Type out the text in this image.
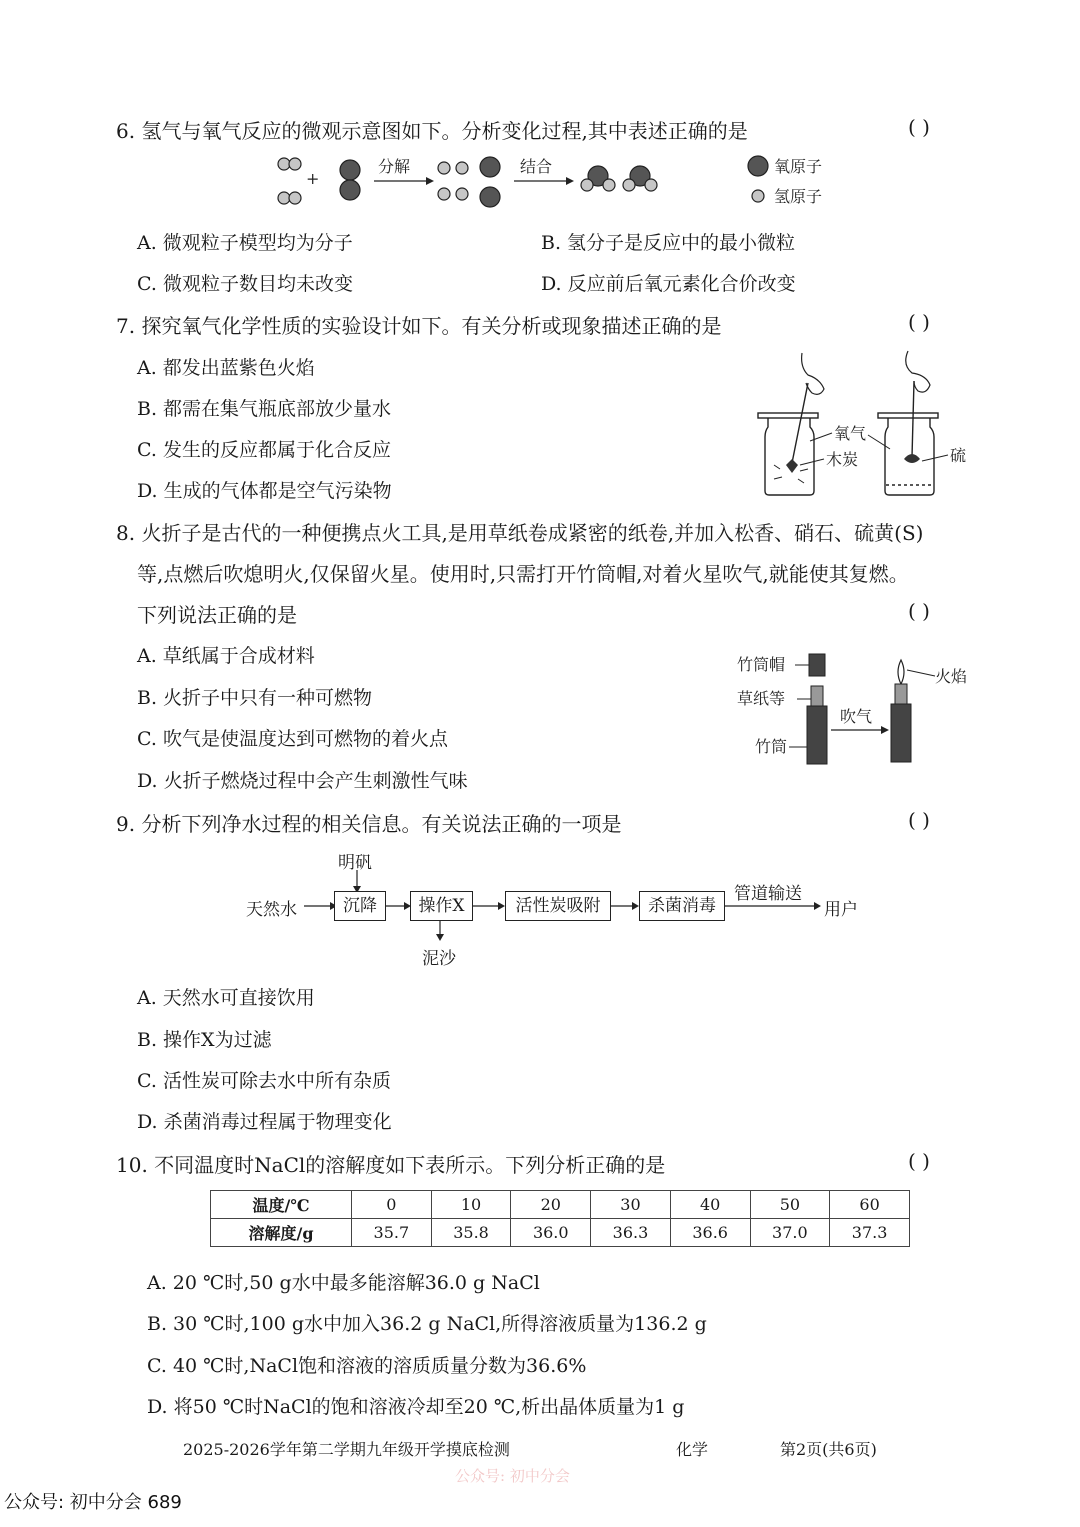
6. 氢气与氧气反应的微观示意图如下。分析变化过程,其中表述正确的是	( )
+
分解	结合	氧原子
氢原子
A. 微观粒子模型均为分子	B. 氢分子是反应中的最小微粒
C. 微观粒子数目均未改变	D. 反应前后氧元素化合价改变
7. 探究氧气化学性质的实验设计如下。有关分析或现象描述正确的是	( )
A. 都发出蓝紫色火焰
B. 都需在集气瓶底部放少量水
C. 发生的反应都属于化合反应
D. 生成的气体都是空气污染物
氧气
木炭	硫
8. 火折子是古代的一种便携点火工具,是用草纸卷成紧密的纸卷,并加入松香、硝石、硫黄(S)
等,点燃后吹熄明火,仅保留火星。使用时,只需打开竹筒帽,对着火星吹气,就能使其复燃。
下列说法正确的是	( )
A. 草纸属于合成材料
B. 火折子中只有一种可燃物
C. 吹气是使温度达到可燃物的着火点
D. 火折子燃烧过程中会产生刺激性气味
竹筒帽
草纸等
竹筒
吹气
火焰
9. 分析下列净水过程的相关信息。有关说法正确的一项是	( )
天然水
明矾
沉降	操作X
泥沙
活性炭吸附	杀菌消毒
管道输送
用户
A. 天然水可直接饮用
B. 操作X为过滤
C. 活性炭可除去水中所有杂质
D. 杀菌消毒过程属于物理变化
10. 不同温度时NaCl的溶解度如下表所示。下列分析正确的是	( )
温度/℃	0	10	20	30	40	50	60
溶解度/g	35.7	35.8	36.0	36.3	36.6	37.0	37.3
A. 20 ℃时,50 g水中最多能溶解36.0 g NaCl
B. 30 ℃时,100 g水中加入36.2 g NaCl,所得溶液质量为136.2 g
C. 40 ℃时,NaCl饱和溶液的溶质质量分数为36.6%
D. 将50 ℃时NaCl的饱和溶液冷却至20 ℃,析出晶体质量为1 g
2025-2026学年第二学期九年级开学摸底检测	化学	第2页(共6页)
公众号: 初中分会
公众号: 初中分会 689
